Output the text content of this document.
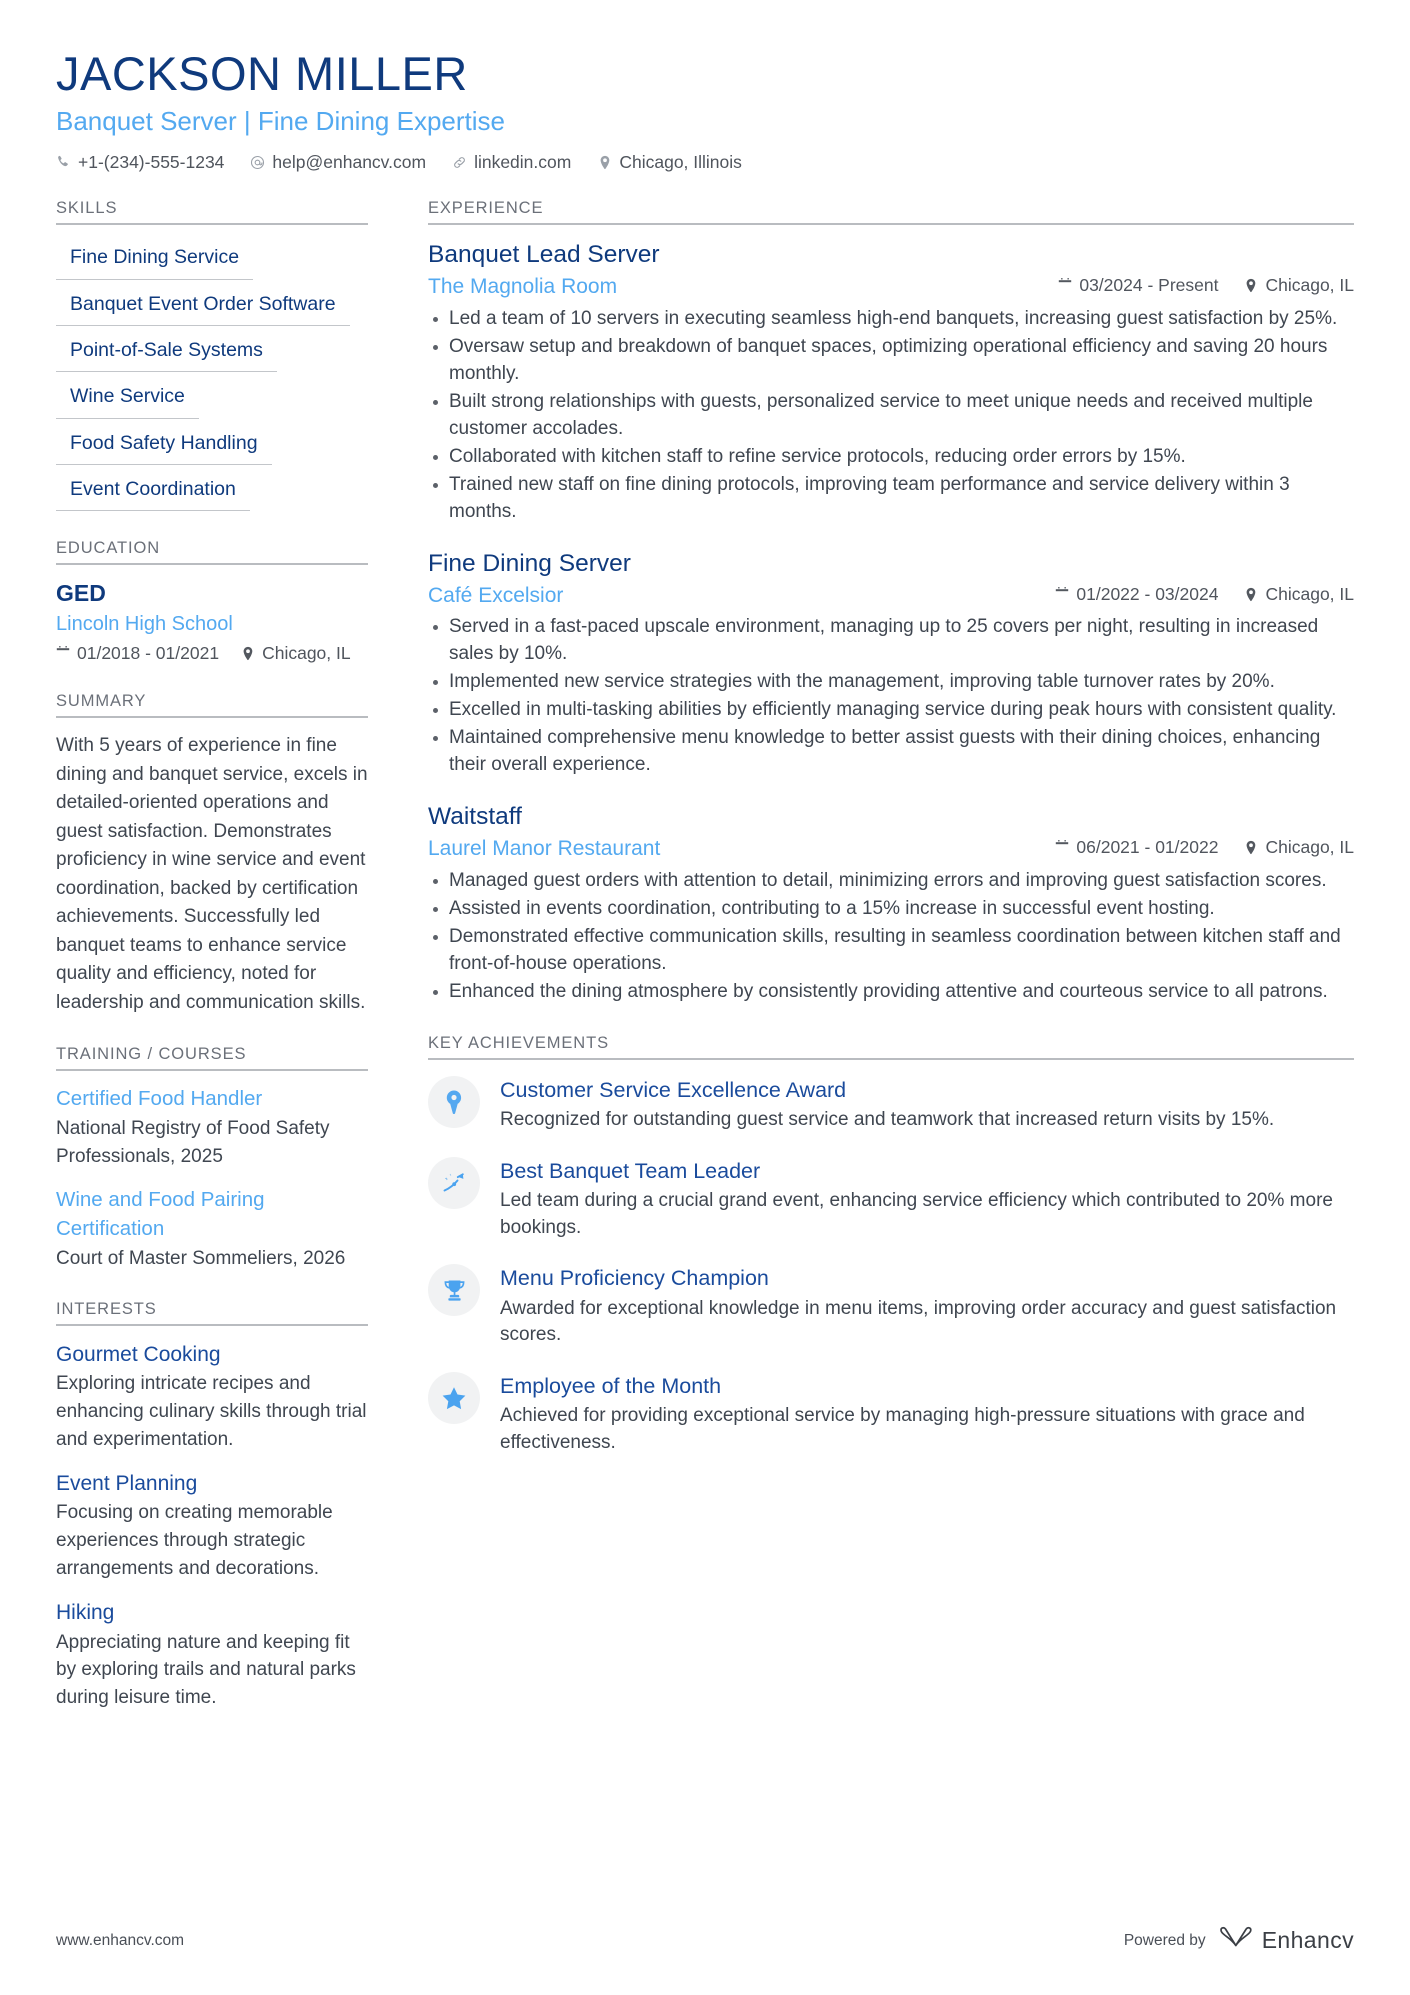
JACKSON MILLER
Banquet Server | Fine Dining Expertise
+1-(234)-555-1234	help@enhancv.com	linkedin.com	Chicago, Illinois
SKILLS
Fine Dining Service
Banquet Event Order Software
Point-of-Sale Systems
Wine Service
Food Safety Handling
Event Coordination
EDUCATION
GED
Lincoln High School
01/2018 - 01/2021 Chicago, IL
SUMMARY
With 5 years of experience in fine dining and banquet service, excels in detailed-oriented operations and guest satisfaction. Demonstrates proficiency in wine service and event coordination, backed by certification achievements. Successfully led banquet teams to enhance service quality and efficiency, noted for leadership and communication skills.
TRAINING / COURSES
Certified Food Handler
National Registry of Food Safety Professionals, 2025
Wine and Food Pairing Certification
Court of Master Sommeliers, 2026
INTERESTS
Gourmet Cooking
Exploring intricate recipes and enhancing culinary skills through trial and experimentation.
Event Planning
Focusing on creating memorable experiences through strategic arrangements and decorations.
Hiking
Appreciating nature and keeping fit by exploring trails and natural parks during leisure time.
EXPERIENCE
Banquet Lead Server
The Magnolia Room	03/2024 - Present	Chicago, IL
Led a team of 10 servers in executing seamless high-end banquets, increasing guest satisfaction by 25%.
Oversaw setup and breakdown of banquet spaces, optimizing operational efficiency and saving 20 hours monthly.
Built strong relationships with guests, personalized service to meet unique needs and received multiple customer accolades.
Collaborated with kitchen staff to refine service protocols, reducing order errors by 15%.
Trained new staff on fine dining protocols, improving team performance and service delivery within 3 months.
Fine Dining Server
Café Excelsior	01/2022 - 03/2024	Chicago, IL
Served in a fast-paced upscale environment, managing up to 25 covers per night, resulting in increased sales by 10%.
Implemented new service strategies with the management, improving table turnover rates by 20%.
Excelled in multi-tasking abilities by efficiently managing service during peak hours with consistent quality.
Maintained comprehensive menu knowledge to better assist guests with their dining choices, enhancing their overall experience.
Waitstaff
Laurel Manor Restaurant	06/2021 - 01/2022	Chicago, IL
Managed guest orders with attention to detail, minimizing errors and improving guest satisfaction scores.
Assisted in events coordination, contributing to a 15% increase in successful event hosting.
Demonstrated effective communication skills, resulting in seamless coordination between kitchen staff and front-of-house operations.
Enhanced the dining atmosphere by consistently providing attentive and courteous service to all patrons.
KEY ACHIEVEMENTS
Customer Service Excellence Award
Recognized for outstanding guest service and teamwork that increased return visits by 15%.
Best Banquet Team Leader
Led team during a crucial grand event, enhancing service efficiency which contributed to 20% more bookings.
Menu Proficiency Champion
Awarded for exceptional knowledge in menu items, improving order accuracy and guest satisfaction scores.
Employee of the Month
Achieved for providing exceptional service by managing high-pressure situations with grace and effectiveness.
www.enhancv.com	Powered by Enhancv
